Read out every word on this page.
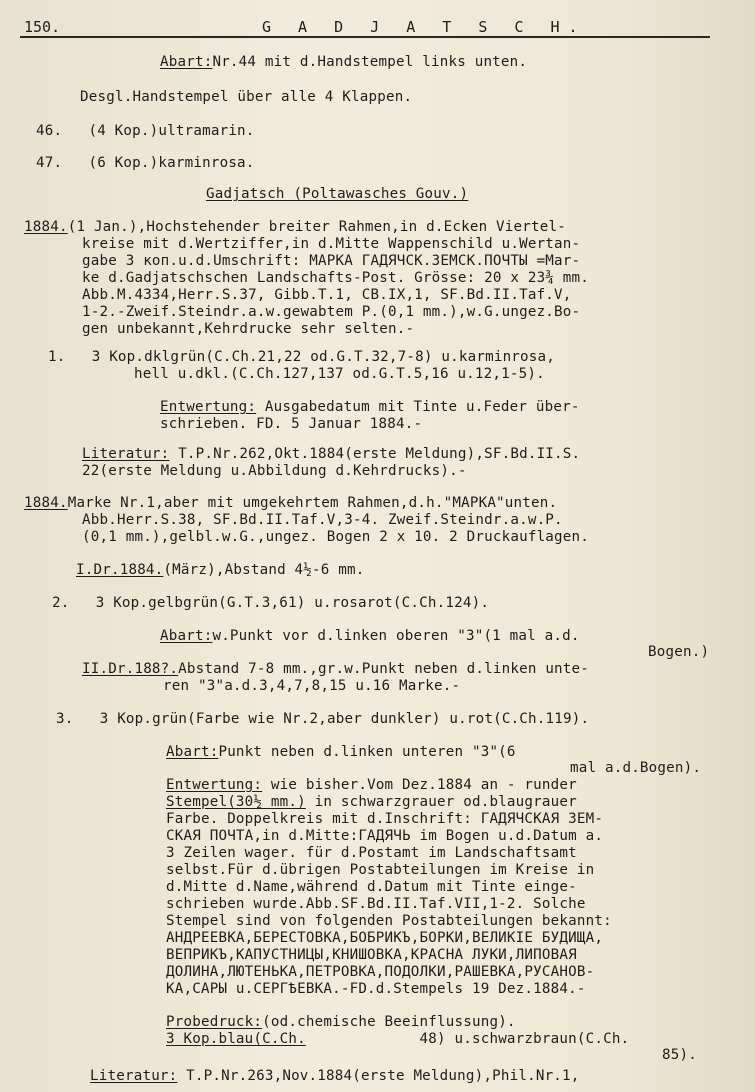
150.	G A D J A T S C H.
Abart:Nr.44 mit d.Handstempel links unten.
Desgl.Handstempel über alle 4 Klappen.
46.   (4 Kop.)ultramarin.
47.   (6 Kop.)karminrosa.
Gadjatsch (Poltawasches Gouv.)
1884.(1 Jan.),Hochstehender breiter Rahmen,in d.Ecken Viertel-
kreise mit d.Wertziffer,in d.Mitte Wappenschild u.Wertan-
gabe 3 коп.u.d.Umschrift: МАРКА ГАДЯЧСК.ЗЕМСК.ПОЧТЫ =Mar-
ke d.Gadjatschschen Landschafts-Post. Grösse: 20 x 23¾ mm.
Abb.M.4334,Herr.S.37, Gibb.T.1, CB.IX,1, SF.Bd.II.Taf.V,
1-2.-Zweif.Steindr.a.w.gewabtem P.(0,1 mm.),w.G.ungez.Bo-
gen unbekannt,Kehrdrucke sehr selten.-
1.   3 Kop.dklgrün(C.Ch.21,22 od.G.T.32,7-8) u.karminrosa,
hell u.dkl.(C.Ch.127,137 od.G.T.5,16 u.12,1-5).
Entwertung: Ausgabedatum mit Tinte u.Feder über-
schrieben. FD. 5 Januar 1884.-
Literatur: T.P.Nr.262,Okt.1884(erste Meldung),SF.Bd.II.S.
22(erste Meldung u.Abbildung d.Kehrdrucks).-
1884.Marke Nr.1,aber mit umgekehrtem Rahmen,d.h."MAPKA"unten.
Abb.Herr.S.38, SF.Bd.II.Taf.V,3-4. Zweif.Steindr.a.w.P.
(0,1 mm.),gelbl.w.G.,ungez. Bogen 2 x 10. 2 Druckauflagen.
I.Dr.1884.(März),Abstand 4½-6 mm.
2.   3 Kop.gelbgrün(G.T.3,61) u.rosarot(C.Ch.124).
Abart:w.Punkt vor d.linken oberen "3"(1 mal a.d.
Bogen.)
II.Dr.188?.Abstand 7-8 mm.,gr.w.Punkt neben d.linken unte-
ren "3"a.d.3,4,7,8,15 u.16 Marke.-
3.   3 Kop.grün(Farbe wie Nr.2,aber dunkler) u.rot(C.Ch.119).
Abart:Punkt neben d.linken unteren "3"(6
mal a.d.Bogen).
Entwertung: wie bisher.Vom Dez.1884 an - runder
Stempel(30½ mm.) in schwarzgrauer od.blaugrauer
Farbe. Doppelkreis mit d.Inschrift: ГАДЯЧСКАЯ ЗЕМ-
СКАЯ ПОЧТА,in d.Mitte:ГАДЯЧЬ im Bogen u.d.Datum a.
3 Zeilen wager. für d.Postamt im Landschaftsamt
selbst.Für d.übrigen Postabteilungen im Kreise in
d.Mitte d.Name,während d.Datum mit Tinte einge-
schrieben wurde.Abb.SF.Bd.II.Taf.VII,1-2. Solche
Stempel sind von folgenden Postabteilungen bekannt:
АНДРЕЕВКА,БЕРЕСТОВКА,БОБРИКЪ,БОРКИ,ВЕЛИКIЕ БУДИЩА,
ВЕПРИКЪ,КАПУСТНИЦЫ,КНИШОВКА,КРАСНА ЛУКИ,ЛИПОВАЯ
ДОЛИНА,ЛЮТЕНЬКА,ПЕТРОВКА,ПОДОЛКИ,РАШЕВКА,РУСАНОВ-
КА,САРЫ u.СЕРГѢЕВКА.-FD.d.Stempels 19 Dez.1884.-
Probedruck:(od.chemische Beeinflussung).
3 Kop.blau(C.Ch.             48) u.schwarzbraun(C.Ch.
85).
Literatur: T.P.Nr.263,Nov.1884(erste Meldung),Phil.Nr.1,
